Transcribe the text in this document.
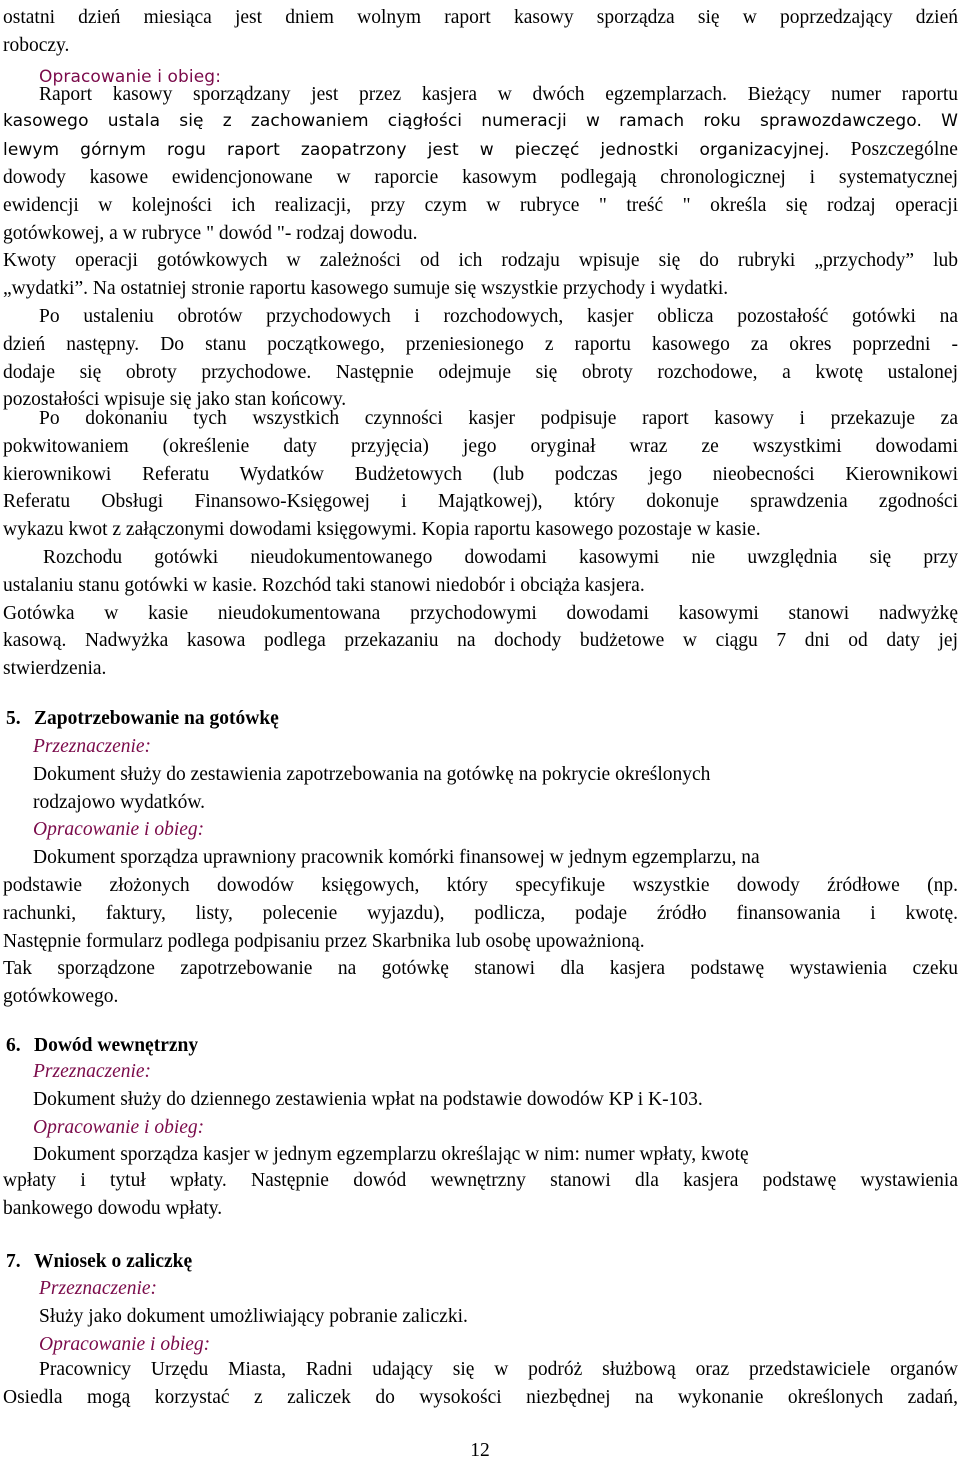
ostatni dzień miesiąca jest dniem wolnym raport kasowy sporządza się w poprzedzający dzień
roboczy.
Opracowanie i obieg:
Raport kasowy sporządzany jest przez kasjera w dwóch egzemplarzach. Bieżący numer raportu
kasowego ustala się z zachowaniem ciągłości numeracji w ramach roku sprawozdawczego. W
lewym górnym rogu raport zaopatrzony jest w pieczęć jednostki organizacyjnej. Poszczególne
dowody kasowe ewidencjonowane w raporcie kasowym podlegają chronologicznej i systematycznej
ewidencji w kolejności ich realizacji, przy czym w rubryce " treść " określa się rodzaj operacji
gotówkowej, a w rubryce " dowód "- rodzaj dowodu.
Kwoty operacji gotówkowych w zależności od ich rodzaju wpisuje się do rubryki „przychody” lub
„wydatki”. Na ostatniej stronie raportu kasowego sumuje się wszystkie przychody i wydatki.
Po ustaleniu obrotów przychodowych i rozchodowych, kasjer oblicza pozostałość gotówki na
dzień następny. Do stanu początkowego, przeniesionego z raportu kasowego za okres poprzedni -
dodaje się obroty przychodowe. Następnie odejmuje się obroty rozchodowe, a kwotę ustalonej
pozostałości wpisuje się jako stan końcowy.
Po dokonaniu tych wszystkich czynności kasjer podpisuje raport kasowy i przekazuje za
pokwitowaniem (określenie daty przyjęcia) jego oryginał wraz ze wszystkimi dowodami
kierownikowi Referatu Wydatków Budżetowych (lub podczas jego nieobecności Kierownikowi
Referatu Obsługi Finansowo-Księgowej i Majątkowej), który dokonuje sprawdzenia zgodności
wykazu kwot z załączonymi dowodami księgowymi. Kopia raportu kasowego pozostaje w kasie.
Rozchodu gotówki nieudokumentowanego dowodami kasowymi nie uwzględnia się przy
ustalaniu stanu gotówki w kasie. Rozchód taki stanowi niedobór i obciąża kasjera.
Gotówka w kasie nieudokumentowana przychodowymi dowodami kasowymi stanowi nadwyżkę
kasową. Nadwyżka kasowa podlega przekazaniu na dochody budżetowe w ciągu 7 dni od daty jej
stwierdzenia.
5. Zapotrzebowanie na gotówkę
Przeznaczenie:
Dokument służy do zestawienia zapotrzebowania na gotówkę na pokrycie określonych
rodzajowo wydatków.
Opracowanie i obieg:
Dokument sporządza uprawniony pracownik komórki finansowej w jednym egzemplarzu, na
podstawie złożonych dowodów księgowych, który specyfikuje wszystkie dowody źródłowe (np.
rachunki, faktury, listy, polecenie wyjazdu), podlicza, podaje źródło finansowania i kwotę.
Następnie formularz podlega podpisaniu przez Skarbnika lub osobę upoważnioną.
Tak sporządzone zapotrzebowanie na gotówkę stanowi dla kasjera podstawę wystawienia czeku
gotówkowego.
6. Dowód wewnętrzny
Przeznaczenie:
Dokument służy do dziennego zestawienia wpłat na podstawie dowodów KP i K-103.
Opracowanie i obieg:
Dokument sporządza kasjer w jednym egzemplarzu określając w nim: numer wpłaty, kwotę
wpłaty i tytuł wpłaty. Następnie dowód wewnętrzny stanowi dla kasjera podstawę wystawienia
bankowego dowodu wpłaty.
7. Wniosek o zaliczkę
Przeznaczenie:
Służy jako dokument umożliwiający pobranie zaliczki.
Opracowanie i obieg:
Pracownicy Urzędu Miasta, Radni udający się w podróż służbową oraz przedstawiciele organów
Osiedla mogą korzystać z zaliczek do wysokości niezbędnej na wykonanie określonych zadań,
12
